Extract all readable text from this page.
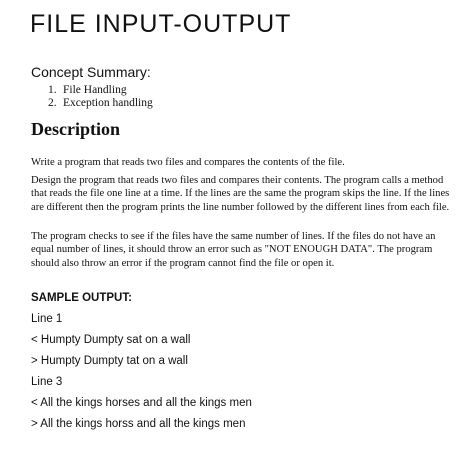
FILE INPUT-OUTPUT
Concept Summary:
1. File Handling
2. Exception handling
Description

Write a program that reads two files and compares the contents of the file.

Design the program that reads two files and compares their contents. The program calls a method that reads the file one line at a time. If the lines are the same the program skips the line. If the lines are different then the program prints the line number followed by the different lines from each file.

The program checks to see if the files have the same number of lines. If the files do not have an equal number of lines, it should throw an error such as "NOT ENOUGH DATA". The program should also throw an error if the program cannot find the file or open it.

SAMPLE OUTPUT:
Line 1
< Humpty Dumpty sat on a wall
> Humpty Dumpty tat on a wall
Line 3
< All the kings horses and all the kings men
> All the kings horss and all the kings men
